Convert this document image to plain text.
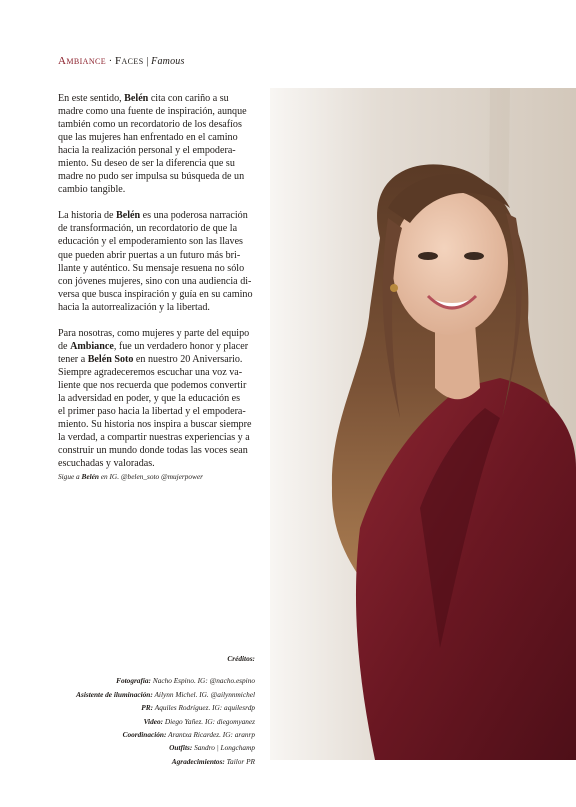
Ambiance · Faces | Famous

En este sentido, Belén cita con cariño a su
madre como una fuente de inspiración, aunque
también como un recordatorio de los desafíos
que las mujeres han enfrentado en el camino
hacia la realización personal y el empodera-
miento. Su deseo de ser la diferencia que su
madre no pudo ser impulsa su búsqueda de un
cambio tangible.

La historia de Belén es una poderosa narración
de transformación, un recordatorio de que la
educación y el empoderamiento son las llaves
que pueden abrir puertas a un futuro más bri-
llante y auténtico. Su mensaje resuena no sólo
con jóvenes mujeres, sino con una audiencia di-
versa que busca inspiración y guía en su camino
hacia la autorrealización y la libertad.

Para nosotras, como mujeres y parte del equipo
de Ambiance, fue un verdadero honor y placer
tener a Belén Soto en nuestro 20 Aniversario.
Siempre agradeceremos escuchar una voz va-
liente que nos recuerda que podemos convertir
la adversidad en poder, y que la educación es
el primer paso hacia la libertad y el empodera-
miento. Su historia nos inspira a buscar siempre
la verdad, a compartir nuestras experiencias y a
construir un mundo donde todas las voces sean
escuchadas y valoradas.

Sigue a Belén en IG. @belen_soto @mujerpower
Créditos:
Fotografía: Nacho Espino. IG: @nacho.espino
Asistente de iluminación: Ailynn Michel. IG. @ailynnmichel
PR: Aquiles Rodríguez. IG: aquilesrdp
Video: Diego Yañez. IG: diegomyanez
Coordinación: Arantxa Ricardez. IG: aranrp
Outfits: Sandro | Longchamp
Agradecimientos: Tailor PR
